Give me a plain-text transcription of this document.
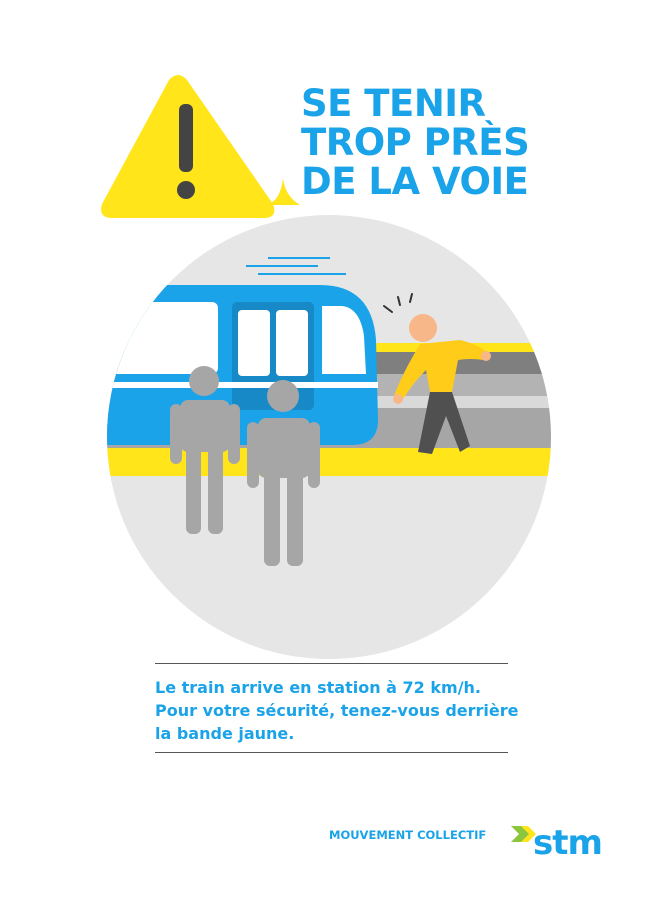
SE TENIR
TROP PRÈS
DE LA VOIE
Le train arrive en station à 72 km/h.
Pour votre sécurité, tenez-vous derrière
la bande jaune.
MOUVEMENT COLLECTIF stm
